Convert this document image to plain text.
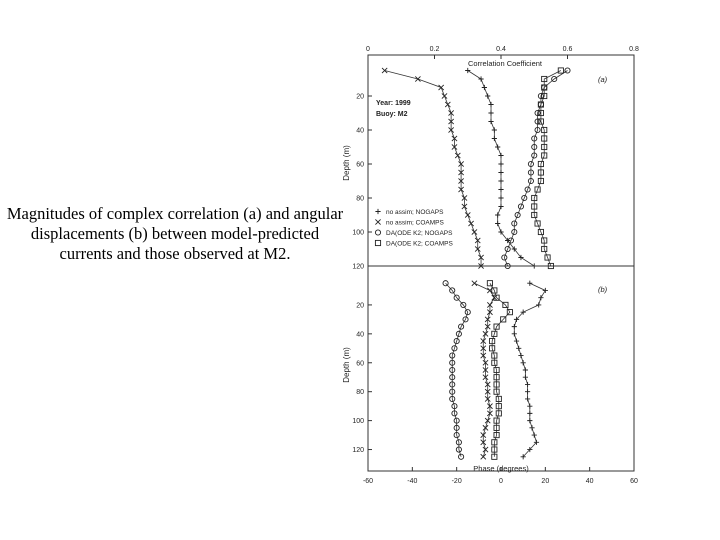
Magnitudes of complex correlation (a) and angular displacements (b) between model-predicted currents and those observed at M2.
0	0.2	0.4	0.6	0.8
Correlation Coefficient
20
40
60
80
100
120
Depth (m)
(a)
Year: 1999
Buoy: M2
no assim; NOGAPS
no assim; COAMPS
DA(ODE K2; NOGAPS
DA(ODE K2; COAMPS
-60	-40	-20	0	20	40	60
Phase (degrees)
20
40
60
80
100
120
Depth (m)
(b)
